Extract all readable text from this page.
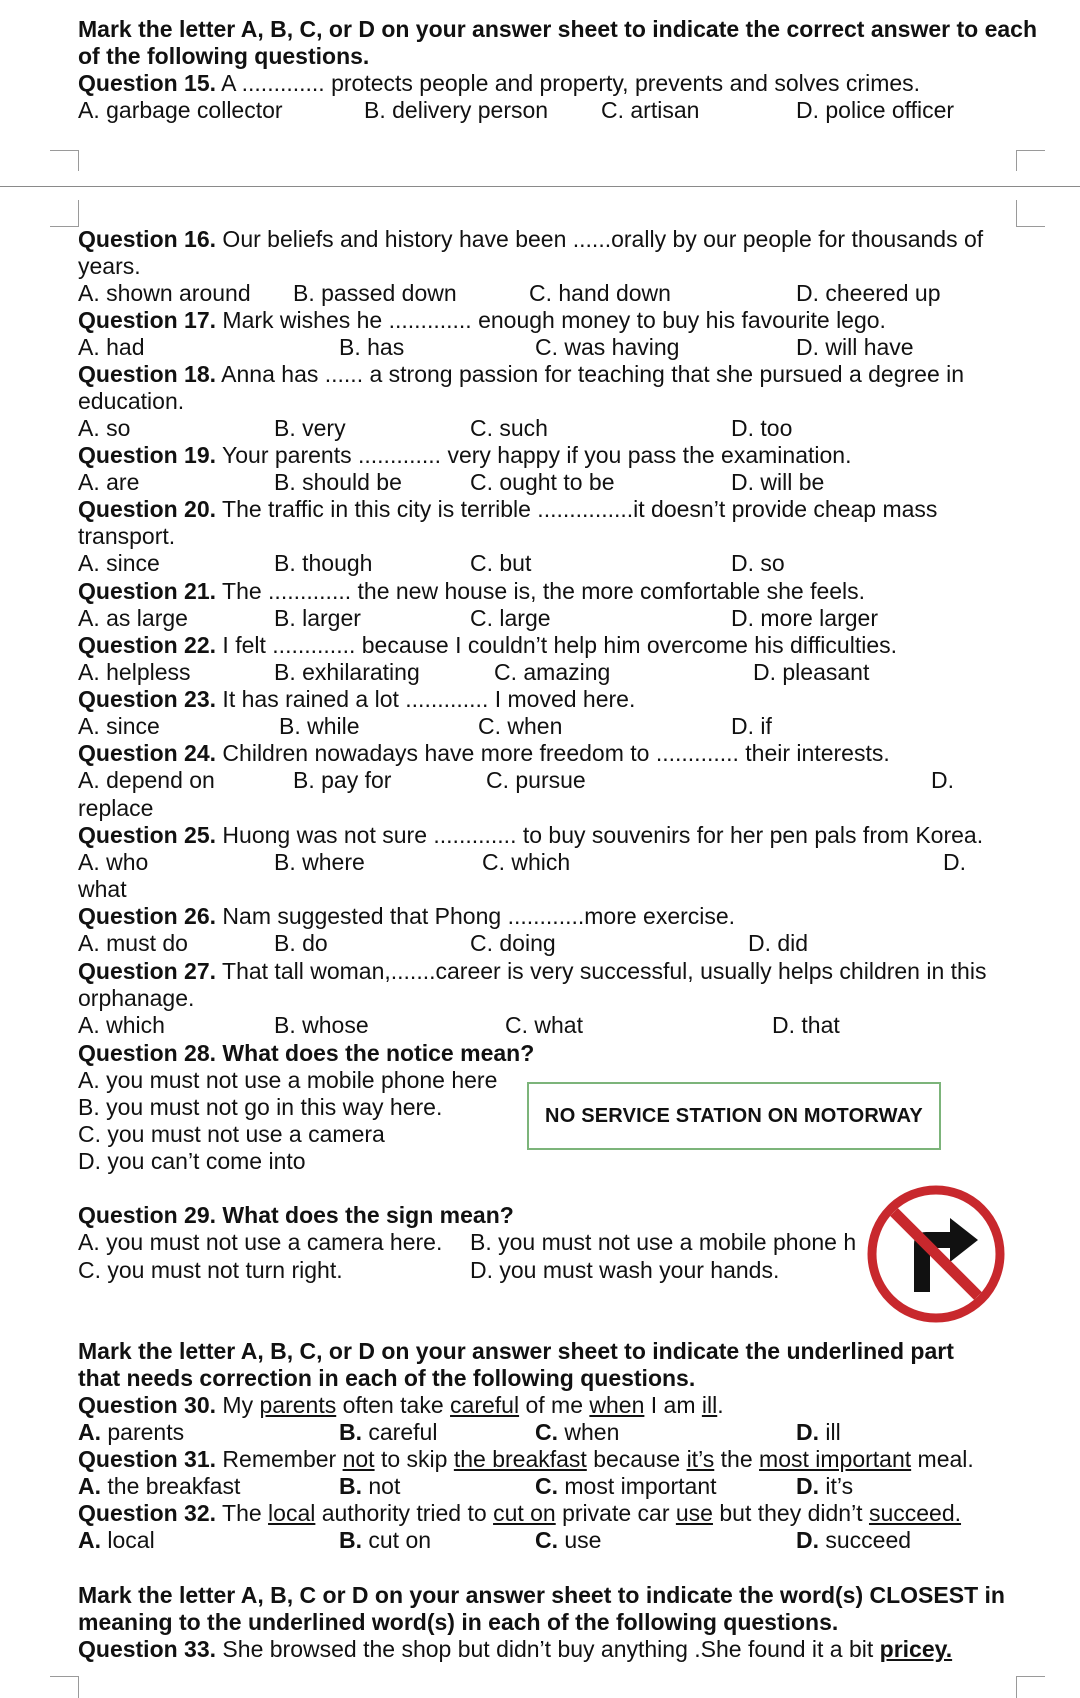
Mark the letter A, B, C, or D on your answer sheet to indicate the correct answer to each
of the following questions.
Question 15. A ............. protects people and property, prevents and solves crimes.
A. garbage collector	B. delivery person C. artisan	D. police officer
Question 16. Our beliefs and history have been ......orally by our people for thousands of
years.
A. shown around B. passed down	C. hand down	D. cheered up
Question 17. Mark wishes he ............. enough money to buy his favourite lego.
A. had	B. has	C. was having	D. will have
Question 18. Anna has ...... a strong passion for teaching that she pursued a degree in
education.
A. so	B. very	C. such	D. too
Question 19. Your parents ............. very happy if you pass the examination.
A. are	B. should be	C. ought to be	D. will be
Question 20. The traffic in this city is terrible ...............it doesn’t provide cheap mass
transport.
A. since	B. though	C. but	D. so
Question 21. The ............. the new house is, the more comfortable she feels.
A. as large	B. larger	C. large	D. more larger
Question 22. I felt ............. because I couldn’t help him overcome his difficulties.
A. helpless	B. exhilarating	C. amazing	D. pleasant
Question 23. It has rained a lot ............. I moved here.
A. since	B. while	C. when	D. if
Question 24. Children nowadays have more freedom to ............. their interests.
A. depend on	B. pay for	C. pursue	D.
replace
Question 25. Huong was not sure ............. to buy souvenirs for her pen pals from Korea.
A. who	B. where	C. which	D.
what
Question 26. Nam suggested that Phong ............more exercise.
A. must do	B. do	C. doing	D. did
Question 27. That tall woman,.......career is very successful, usually helps children in this
orphanage.
A. which	B. whose	C. what	D. that
Question 28. What does the notice mean?
A. you must not use a mobile phone here
B. you must not go in this way here.
C. you must not use a camera
D. you can’t come into
NO SERVICE STATION ON MOTORWAY
Question 29. What does the sign mean?
A. you must not use a camera here. B. you must not use a mobile phone h
C. you must not turn right.	D. you must wash your hands.
Mark the letter A, B, C, or D on your answer sheet to indicate the underlined part
that needs correction in each of the following questions.
Question 30. My parents often take careful of me when I am ill.
A. parents	B. careful	C. when	D. ill
Question 31. Remember not to skip the breakfast because it’s the most important meal.
A. the breakfast	B. not	C. most important	D. it’s
Question 32. The local authority tried to cut on private car use but they didn’t succeed.
A. local	B. cut on	C. use	D. succeed
Mark the letter A, B, C or D on your answer sheet to indicate the word(s) CLOSEST in
meaning to the underlined word(s) in each of the following questions.
Question 33. She browsed the shop but didn’t buy anything .She found it a bit pricey.
